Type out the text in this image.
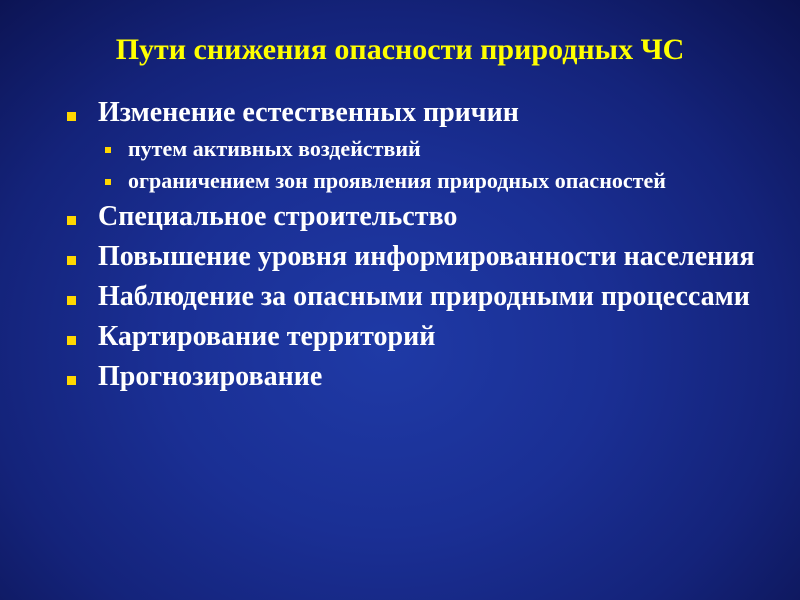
Пути снижения опасности природных ЧС
Изменение естественных причин
путем активных воздействий
ограничением зон проявления природных опасностей
Специальное строительство
Повышение уровня информированности населения
Наблюдение за опасными природными процессами
Картирование территорий
Прогнозирование
